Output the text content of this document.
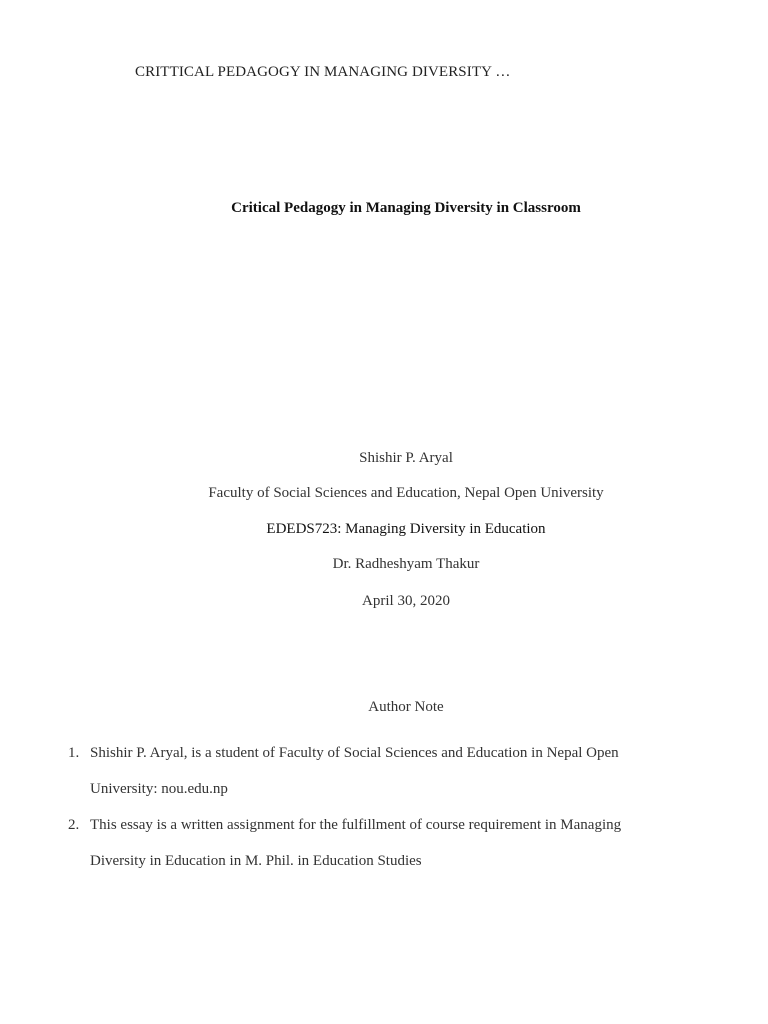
CRITTICAL PEDAGOGY IN MANAGING DIVERSITY …
Critical Pedagogy in Managing Diversity in Classroom
Shishir P. Aryal
Faculty of Social Sciences and Education, Nepal Open University
EDEDS723: Managing Diversity in Education
Dr. Radheshyam Thakur
April 30, 2020
Author Note
1. Shishir P. Aryal, is a student of Faculty of Social Sciences and Education in Nepal Open University: nou.edu.np
2. This essay is a written assignment for the fulfillment of course requirement in Managing Diversity in Education in M. Phil. in Education Studies
